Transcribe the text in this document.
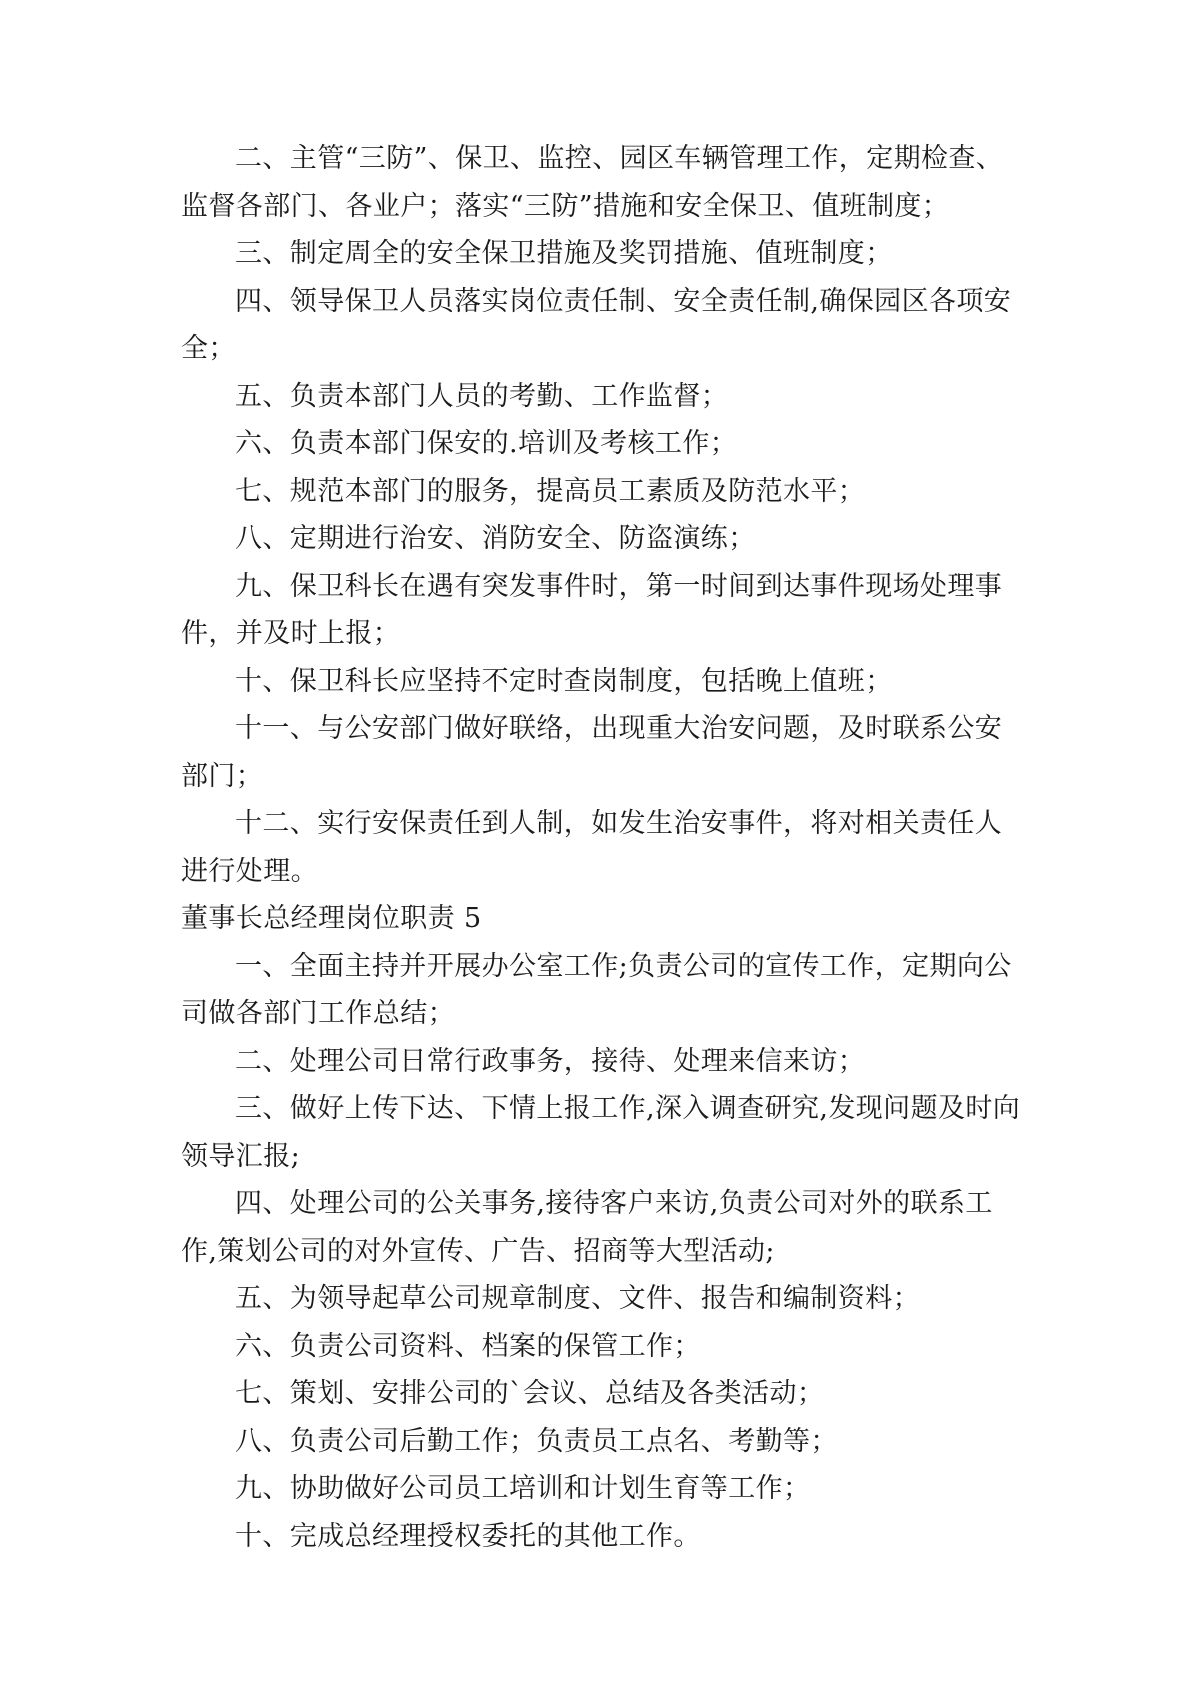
二、主管“三防”、保卫、监控、园区车辆管理工作，定期检查、监督各部门、各业户；落实“三防”措施和安全保卫、值班制度；

三、制定周全的安全保卫措施及奖罚措施、值班制度；

四、领导保卫人员落实岗位责任制、安全责任制,确保园区各项安全；

五、负责本部门人员的考勤、工作监督；

六、负责本部门保安的.培训及考核工作；

七、规范本部门的服务，提高员工素质及防范水平；

八、定期进行治安、消防安全、防盗演练；

九、保卫科长在遇有突发事件时，第一时间到达事件现场处理事件，并及时上报；

十、保卫科长应坚持不定时查岗制度，包括晚上值班；

十一、与公安部门做好联络，出现重大治安问题，及时联系公安部门；

十二、实行安保责任到人制，如发生治安事件，将对相关责任人进行处理。

董事长总经理岗位职责 5

一、全面主持并开展办公室工作;负责公司的宣传工作，定期向公司做各部门工作总结；

二、处理公司日常行政事务，接待、处理来信来访；

三、做好上传下达、下情上报工作,深入调查研究,发现问题及时向领导汇报;

四、处理公司的公关事务,接待客户来访,负责公司对外的联系工作,策划公司的对外宣传、广告、招商等大型活动;

五、为领导起草公司规章制度、文件、报告和编制资料；

六、负责公司资料、档案的保管工作；

七、策划、安排公司的`会议、总结及各类活动；

八、负责公司后勤工作；负责员工点名、考勤等；

九、协助做好公司员工培训和计划生育等工作；

十、完成总经理授权委托的其他工作。
